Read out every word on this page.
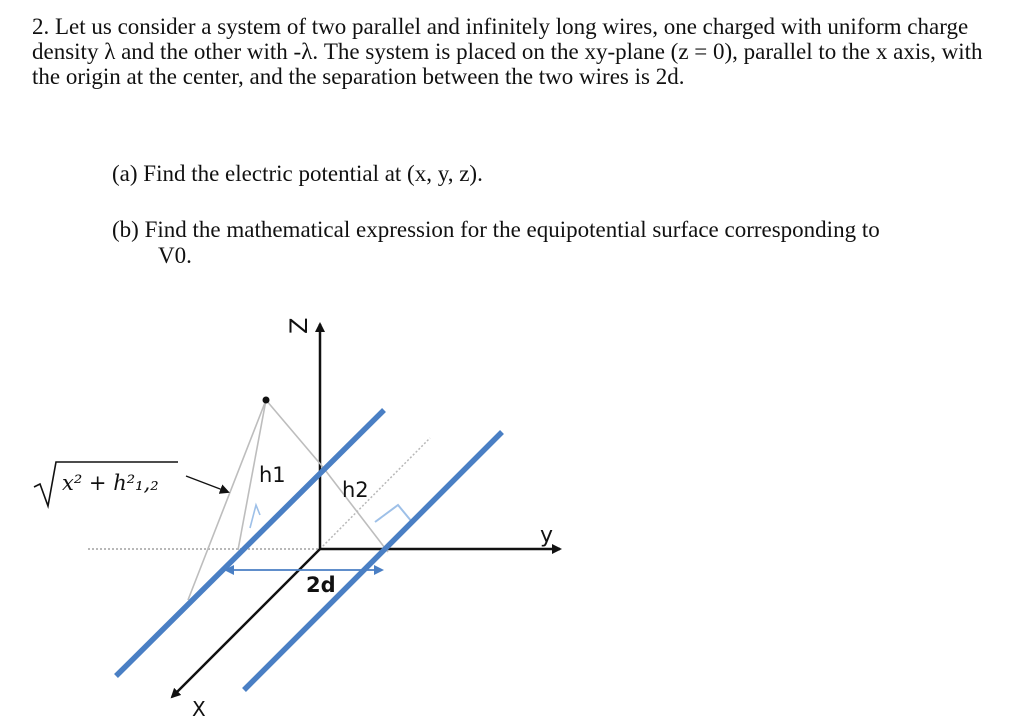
2. Let us consider a system of two parallel and infinitely long wires, one charged with uniform charge density λ and the other with -λ. The system is placed on the xy-plane (z = 0), parallel to the x axis, with the origin at the center, and the separation between the two wires is 2d.

(a) Find the electric potential at (x, y, z).
(b) Find the mathematical expression for the equipotential surface corresponding to
V0.
x² + h²₁,₂
Z
y
X
h1
h2
2d
